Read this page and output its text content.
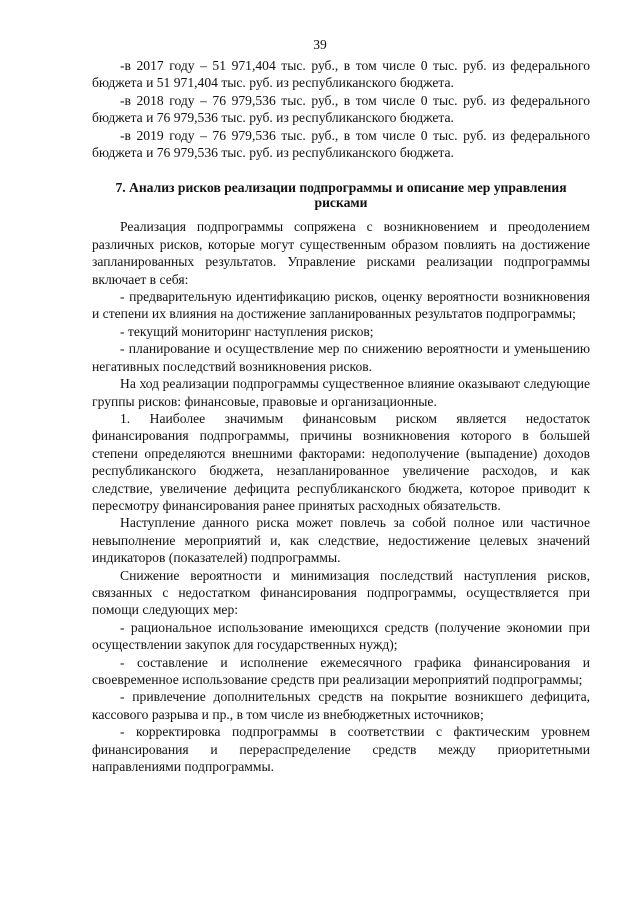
39

-в 2017 году – 51 971,404 тыс. руб., в том числе 0 тыс. руб. из федерального бюджета и 51 971,404 тыс. руб. из республиканского бюджета.

-в 2018 году – 76 979,536 тыс. руб., в том числе 0 тыс. руб. из федерального бюджета и 76 979,536 тыс. руб. из республиканского бюджета.

-в 2019 году – 76 979,536 тыс. руб., в том числе 0 тыс. руб. из федерального бюджета и 76 979,536 тыс. руб. из республиканского бюджета.

7. Анализ рисков реализации подпрограммы и описание мер управления рисками

Реализация подпрограммы сопряжена с возникновением и преодолением различных рисков, которые могут существенным образом повлиять на достижение запланированных результатов. Управление рисками реализации подпрограммы включает в себя:

- предварительную идентификацию рисков, оценку вероятности возникновения и степени их влияния на достижение запланированных результатов подпрограммы;

- текущий мониторинг наступления рисков;

- планирование и осуществление мер по снижению вероятности и уменьшению негативных последствий возникновения рисков.

На ход реализации подпрограммы существенное влияние оказывают следующие группы рисков: финансовые, правовые и организационные.

1. Наиболее значимым финансовым риском является недостаток финансирования подпрограммы, причины возникновения которого в большей степени определяются внешними факторами: недополучение (выпадение) доходов республиканского бюджета, незапланированное увеличение расходов, и как следствие, увеличение дефицита республиканского бюджета, которое приводит к пересмотру финансирования ранее принятых расходных обязательств.

Наступление данного риска может повлечь за собой полное или частичное невыполнение мероприятий и, как следствие, недостижение целевых значений индикаторов (показателей) подпрограммы.

Снижение вероятности и минимизация последствий наступления рисков, связанных с недостатком финансирования подпрограммы, осуществляется при помощи следующих мер:

- рациональное использование имеющихся средств (получение экономии при осуществлении закупок для государственных нужд);

- составление и исполнение ежемесячного графика финансирования и своевременное использование средств при реализации мероприятий подпрограммы;

- привлечение дополнительных средств на покрытие возникшего дефицита, кассового разрыва и пр., в том числе из внебюджетных источников;

- корректировка подпрограммы в соответствии с фактическим уровнем финансирования и перераспределение средств между приоритетными направлениями подпрограммы.
